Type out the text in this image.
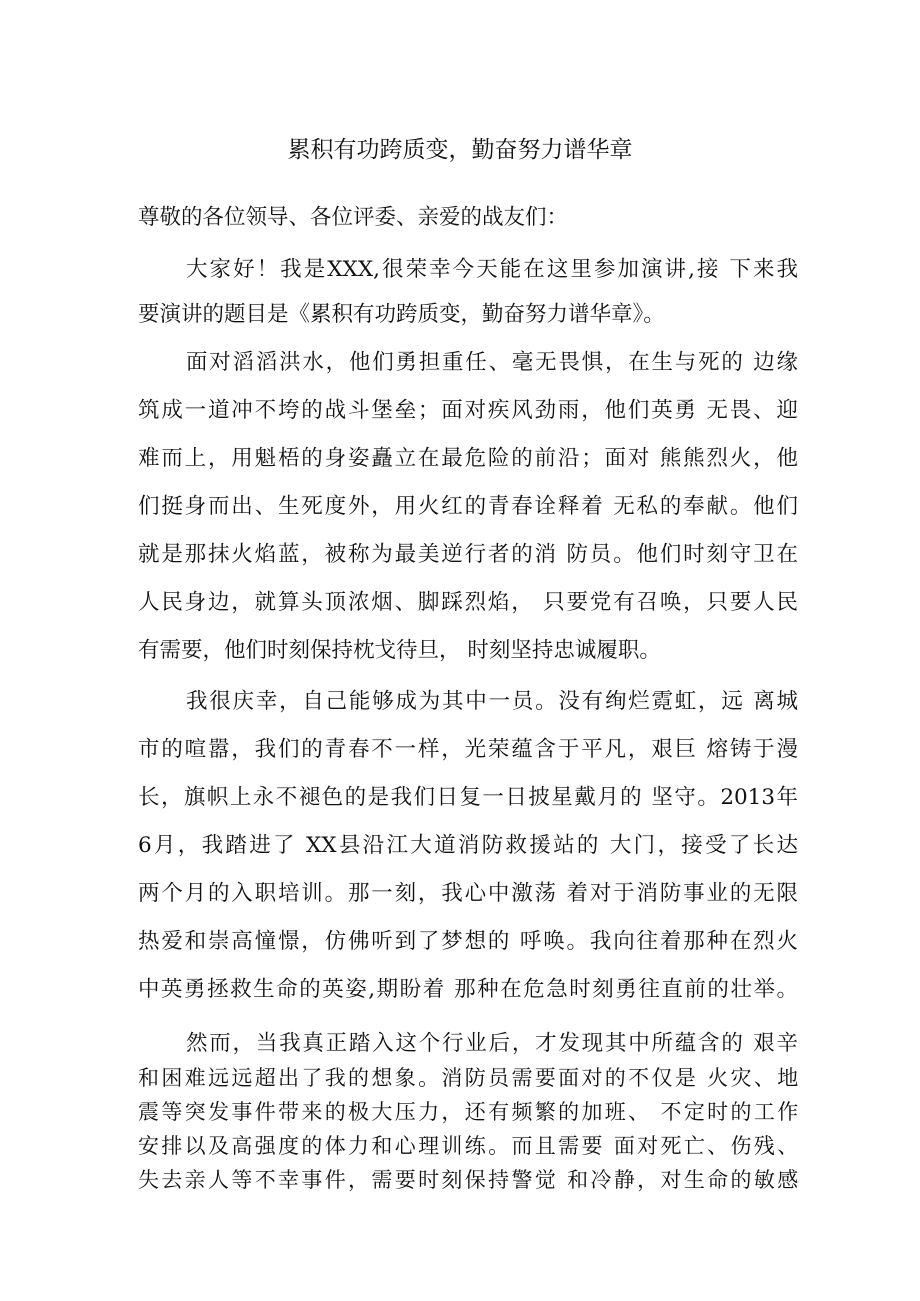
累积有功跨质变，勤奋努力谱华章
尊敬的各位领导、各位评委、亲爱的战友们：
大家好！我是XXX,很荣幸今天能在这里参加演讲,接 下来我
要演讲的题目是《累积有功跨质变，勤奋努力谱华章》。
面对滔滔洪水，他们勇担重任、毫无畏惧，在生与死的 边缘
筑成一道冲不垮的战斗堡垒；面对疾风劲雨，他们英勇 无畏、迎
难而上，用魁梧的身姿矗立在最危险的前沿；面对 熊熊烈火，他
们挺身而出、生死度外，用火红的青春诠释着 无私的奉献。他们
就是那抹火焰蓝，被称为最美逆行者的消 防员。他们时刻守卫在
人民身边，就算头顶浓烟、脚踩烈焰， 只要党有召唤，只要人民
有需要，他们时刻保持枕戈待旦， 时刻坚持忠诚履职。
我很庆幸，自己能够成为其中一员。没有绚烂霓虹，远 离城
市的喧嚣，我们的青春不一样，光荣蕴含于平凡，艰巨 熔铸于漫
长，旗帜上永不褪色的是我们日复一日披星戴月的 坚守。2013年
6月，我踏进了 XX县沿江大道消防救援站的 大门，接受了长达
两个月的入职培训。那一刻，我心中激荡 着对于消防事业的无限
热爱和崇高憧憬，仿佛听到了梦想的 呼唤。我向往着那种在烈火
中英勇拯救生命的英姿,期盼着 那种在危急时刻勇往直前的壮举。
然而，当我真正踏入这个行业后，才发现其中所蕴含的 艰辛
和困难远远超出了我的想象。消防员需要面对的不仅是 火灾、地
震等突发事件带来的极大压力，还有频繁的加班、 不定时的工作
安排以及高强度的体力和心理训练。而且需要 面对死亡、伤残、
失去亲人等不幸事件，需要时刻保持警觉 和冷静，对生命的敏感
